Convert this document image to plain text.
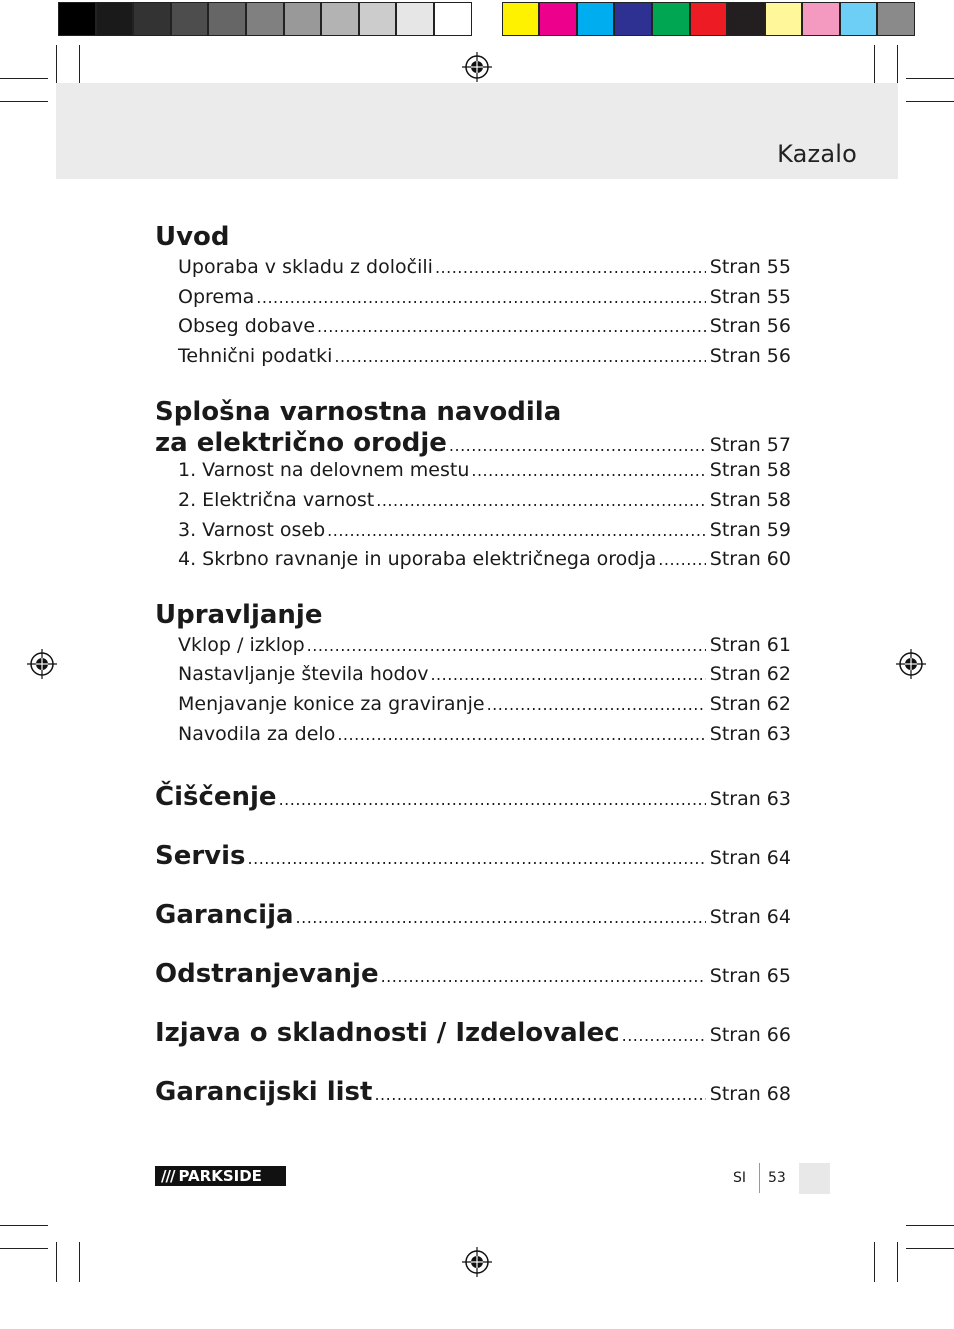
Kazalo
Uvod
Uporaba v skladu z določili .....	Stran 55
Oprema .....	Stran 55
Obseg dobave .....	Stran 56
Tehnični podatki .....	Stran 56
Splošna varnostna navodila
za električno orodje .....	Stran 57
1. Varnost na delovnem mestu .....	Stran 58
2. Električna varnost .....	Stran 58
3. Varnost oseb .....	Stran 59
4. Skrbno ravnanje in uporaba električnega orodja .....	Stran 60
Upravljanje
Vklop / izklop .....	Stran 61
Nastavljanje števila hodov .....	Stran 62
Menjavanje konice za graviranje .....	Stran 62
Navodila za delo .....	Stran 63
Čiščenje .....	Stran 63
Servis .....	Stran 64
Garancija .....	Stran 64
Odstranjevanje .....	Stran 65
Izjava o skladnosti / Izdelovalec .....	Stran 66
Garancijski list .....	Stran 68
/// PARKSIDE	SI 53
